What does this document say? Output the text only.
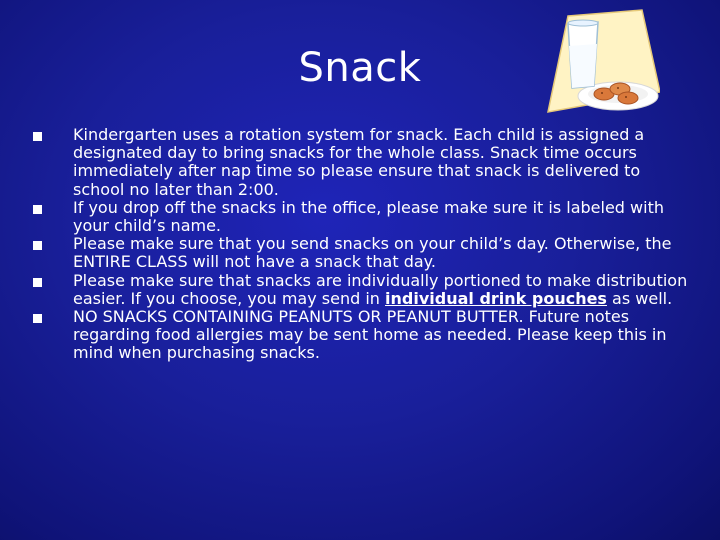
Snack
Kindergarten uses a rotation system for snack. Each child is assigned a designated day to bring snacks for the whole class. Snack time occurs immediately after nap time so please ensure that snack is delivered to school no later than 2:00.
If you drop off the snacks in the office, please make sure it is labeled with your child’s name.
Please make sure that you send snacks on your child’s day. Otherwise, the ENTIRE CLASS will not have a snack that day.
Please make sure that snacks are individually portioned to make distribution easier. If you choose, you may send in individual drink pouches as well.
NO SNACKS CONTAINING PEANUTS OR PEANUT BUTTER. Future notes regarding food allergies may be sent home as needed. Please keep this in mind when purchasing snacks.
